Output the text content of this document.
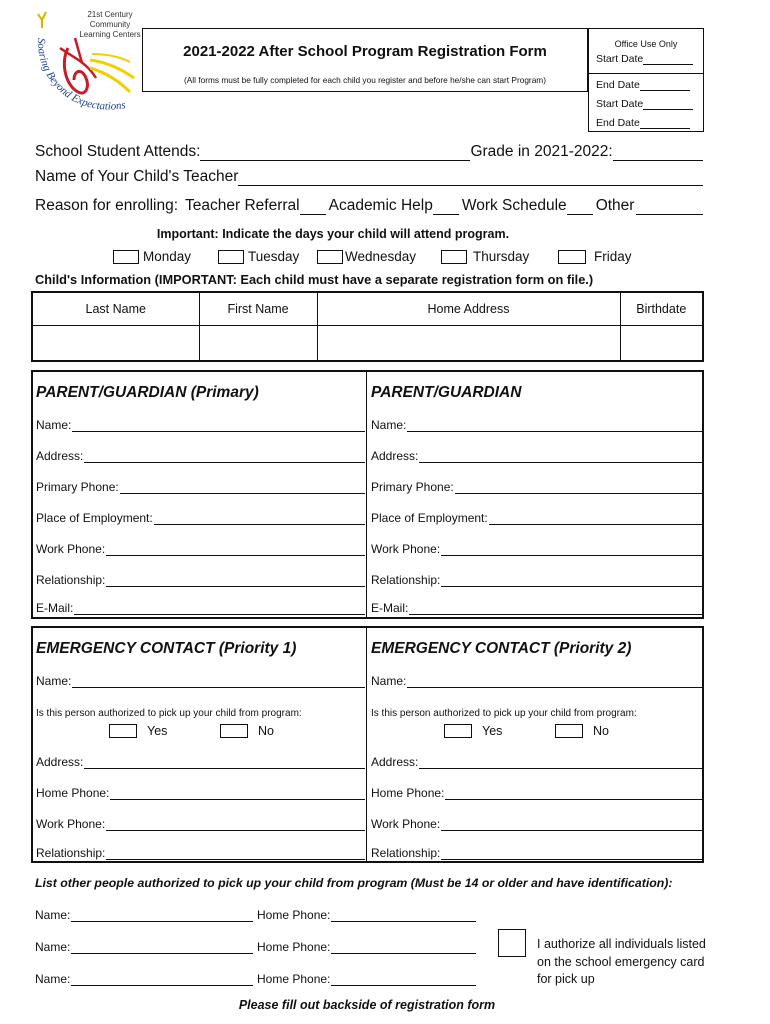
Soaring Beyond Expectations
21st Century Community
Learning Centers
2021-2022 After School Program Registration Form
(All forms must be fully completed for each child you register and before he/she can start Program)
Office Use Only
Start Date
End Date
Start Date
End Date
School Student Attends:	Grade in 2021-2022:
Name of Your Child's Teacher
Reason for enrolling: Teacher Referral Academic Help Work Schedule Other
Important: Indicate the days your child will attend program.
Monday	Tuesday	Wednesday	Thursday	Friday
Child's Information (IMPORTANT: Each child must have a separate registration form on file.)
Last Name	First Name	Home Address	Birthdate

PARENT/GUARDIAN (Primary)	PARENT/GUARDIAN
Name:	Name:
Address:	Address:
Primary Phone:	Primary Phone:
Place of Employment:	Place of Employment:
Work Phone:	Work Phone:
Relationship:	Relationship:
E-Mail:	E-Mail:
EMERGENCY CONTACT (Priority 1)	EMERGENCY CONTACT (Priority 2)
Name:	Name:
Is this person authorized to pick up your child from program:	Is this person authorized to pick up your child from program:
Yes	No	Yes	No
Address:	Address:
Home Phone:	Home Phone:
Work Phone:	Work Phone:
Relationship:	Relationship:
List other people authorized to pick up your child from program (Must be 14 or older and have identification):
Name:	Home Phone:
Name:	Home Phone:
Name:	Home Phone:
I authorize all individuals listed on the school emergency card for pick up
Please fill out backside of registration form
